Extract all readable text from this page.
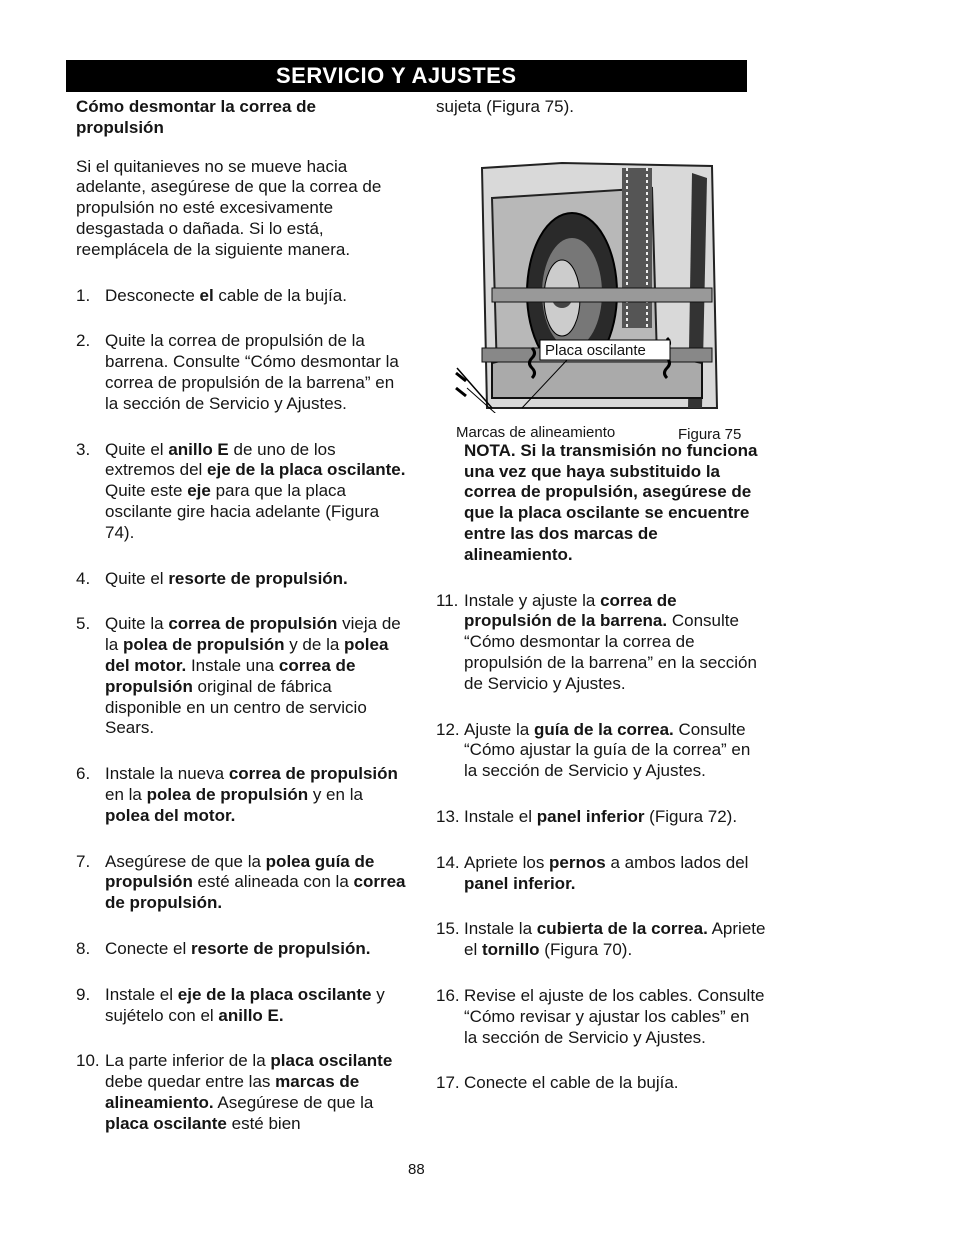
SERVICIO Y AJUSTES

Cómo desmontar la correa de propulsión

Si el quitanieves no se mueve hacia adelante, asegúrese de que la correa de propulsión no esté excesivamente desgastada o dañada. Si lo está, reemplácela de la siguiente manera.

1. Desconecte el cable de la bujía.
2. Quite la correa de propulsión de la barrena. Consulte “Cómo desmontar la correa de propulsión de la barrena” en la sección de Servicio y Ajustes.
3. Quite el anillo E de uno de los extremos del eje de la placa oscilante. Quite este eje para que la placa oscilante gire hacia adelante (Figura 74).
4. Quite el resorte de propulsión.
5. Quite la correa de propulsión vieja de la polea de propulsión y de la polea del motor. Instale una correa de propulsión original de fábrica disponible en un centro de servicio Sears.
6. Instale la nueva correa de propulsión en la polea de propulsión y en la polea del motor.
7. Asegúrese de que la polea guía de propulsión esté alineada con la correa de propulsión.
8. Conecte el resorte de propulsión.
9. Instale el eje de la placa oscilante y sujételo con el anillo E.
10. La parte inferior de la placa oscilante debe quedar entre las marcas de alineamiento. Asegúrese de que la placa oscilante esté bien

sujeta (Figura 75).

NOTA. Si la transmisión no funciona una vez que haya substituido la correa de propulsión, asegúrese de que la placa oscilante se encuentre entre las dos marcas de alineamiento.

11. Instale y ajuste la correa de propulsión de la barrena. Consulte “Cómo desmontar la correa de propulsión de la barrena” en la sección de Servicio y Ajustes.
12. Ajuste la guía de la correa. Consulte “Cómo ajustar la guía de la correa” en la sección de Servicio y Ajustes.
13. Instale el panel inferior (Figura 72).
14. Apriete los pernos a ambos lados del panel inferior.
15. Instale la cubierta de la correa. Apriete el tornillo (Figura 70).
16. Revise el ajuste de los cables. Consulte “Cómo revisar y ajustar los cables” en la sección de Servicio y Ajustes.
17. Conecte el cable de la bujía.
Placa oscilante
Marcas de alineamiento	Figura 75
88
